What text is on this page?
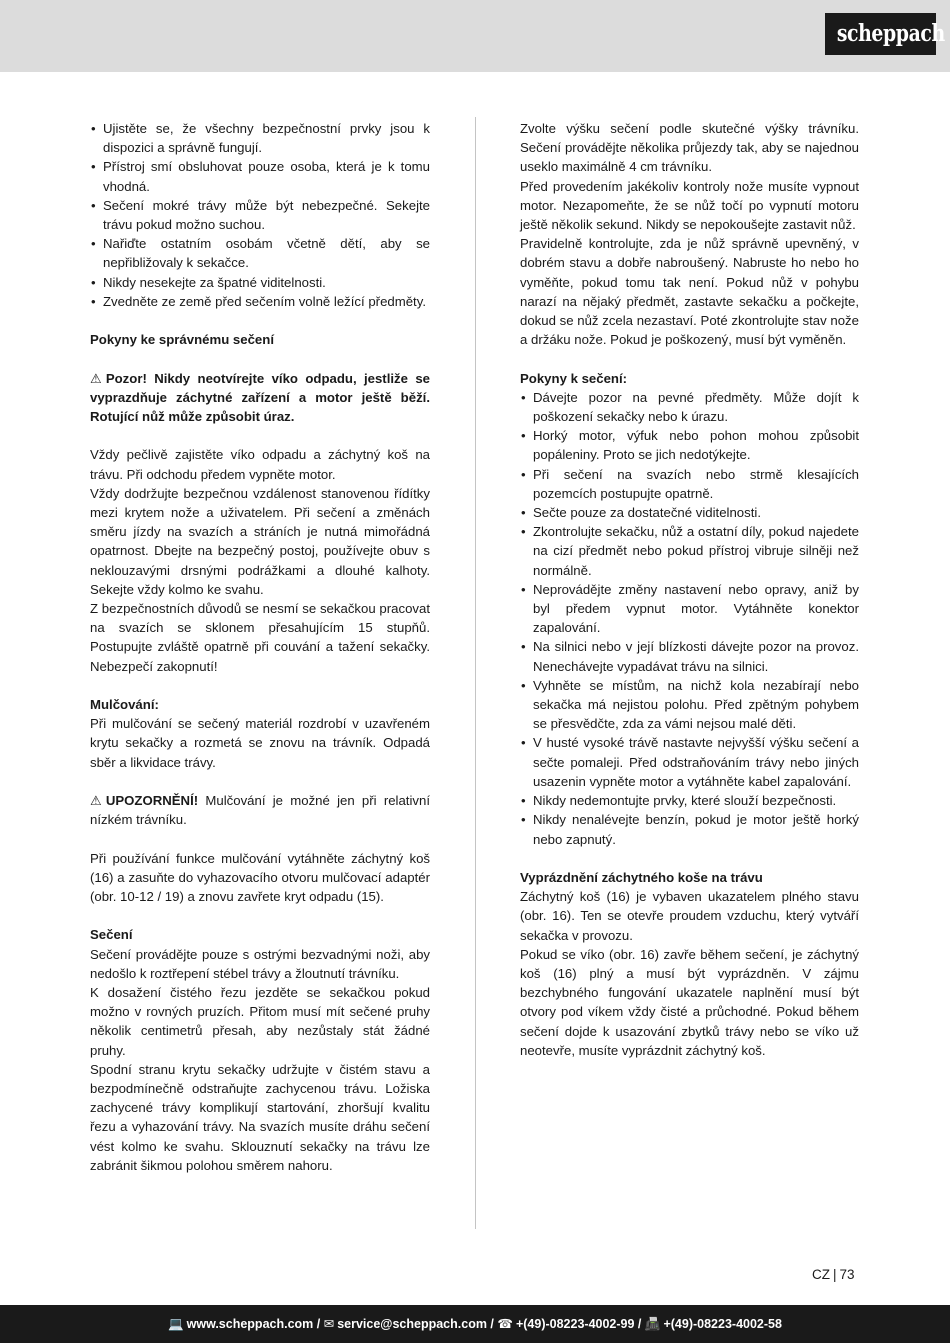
scheppach
• Ujistěte se, že všechny bezpečnostní prvky jsou k dispozici a správně fungují.
• Přístroj smí obsluhovat pouze osoba, která je k tomu vhodná.
• Sečení mokré trávy může být nebezpečné. Sekejte trávu pokud možno suchou.
• Nařiďte ostatním osobám včetně dětí, aby se nepřibližovaly k sekačce.
• Nikdy nesekejte za špatné viditelnosti.
• Zvedněte ze země před sečením volně ležící předměty.

Pokyny ke správnému sečení

⚠ Pozor! Nikdy neotvírejte víko odpadu, jestliže se vyprazdňuje záchytné zařízení a motor ještě běží. Rotující nůž může způsobit úraz.

Vždy pečlivě zajistěte víko odpadu a záchytný koš na trávu. Při odchodu předem vypněte motor.

Vždy dodržujte bezpečnou vzdálenost stanovenou řídítky mezi krytem nože a uživatelem. Při sečení a změnách směru jízdy na svazích a stráních je nutná mimořádná opatrnost. Dbejte na bezpečný postoj, používejte obuv s neklouzavými drsnými podrážkami a dlouhé kalhoty. Sekejte vždy kolmo ke svahu.

Z bezpečnostních důvodů se nesmí se sekačkou pracovat na svazích se sklonem přesahujícím 15 stupňů. Postupujte zvláště opatrně při couvání a tažení sekačky. Nebezpečí zakopnutí!

Mulčování:

Při mulčování se sečený materiál rozdrobí v uzavřeném krytu sekačky a rozmetá se znovu na trávník. Odpadá sběr a likvidace trávy.

⚠ UPOZORNĚNÍ! Mulčování je možné jen při relativní nízkém trávníku.

Při používání funkce mulčování vytáhněte záchytný koš (16) a zasuňte do vyhazovacího otvoru mulčovací adaptér (obr. 10-12 / 19) a znovu zavřete kryt odpadu (15).

Sečení

Sečení provádějte pouze s ostrými bezvadnými noži, aby nedošlo k roztřepení stébel trávy a žloutnutí trávníku.

K dosažení čistého řezu jezděte se sekačkou pokud možno v rovných pruzích. Přitom musí mít sečené pruhy několik centimetrů přesah, aby nezůstaly stát žádné pruhy.

Spodní stranu krytu sekačky udržujte v čistém stavu a bezpodmínečně odstraňujte zachycenou trávu. Ložiska zachycené trávy komplikují startování, zhoršují kvalitu řezu a vyhazování trávy. Na svazích musíte dráhu sečení vést kolmo ke svahu. Sklouznutí sekačky na trávu lze zabránit šikmou polohou směrem nahoru.

Zvolte výšku sečení podle skutečné výšky trávníku. Sečení provádějte několika průjezdy tak, aby se najednou useklo maximálně 4 cm trávníku.

Před provedením jakékoliv kontroly nože musíte vypnout motor. Nezapomeňte, že se nůž točí po vypnutí motoru ještě několik sekund. Nikdy se nepokoušejte zastavit nůž.

Pravidelně kontrolujte, zda je nůž správně upevněný, v dobrém stavu a dobře nabroušený. Nabruste ho nebo ho vyměňte, pokud tomu tak není. Pokud nůž v pohybu narazí na nějaký předmět, zastavte sekačku a počkejte, dokud se nůž zcela nezastaví. Poté zkontrolujte stav nože a držáku nože. Pokud je poškozený, musí být vyměněn.

Pokyny k sečení:

• Dávejte pozor na pevné předměty. Může dojít k poškození sekačky nebo k úrazu.
• Horký motor, výfuk nebo pohon mohou způsobit popáleniny. Proto se jich nedotýkejte.
• Při sečení na svazích nebo strmě klesajících pozemcích postupujte opatrně.
• Sečte pouze za dostatečné viditelnosti.
• Zkontrolujte sekačku, nůž a ostatní díly, pokud najedete na cizí předmět nebo pokud přístroj vibruje silněji než normálně.
• Neprovádějte změny nastavení nebo opravy, aniž by byl předem vypnut motor. Vytáhněte konektor zapalování.
• Na silnici nebo v její blízkosti dávejte pozor na provoz. Nenechávejte vypadávat trávu na silnici.
• Vyhněte se místům, na nichž kola nezabírají nebo sekačka má nejistou polohu. Před zpětným pohybem se přesvědčte, zda za vámi nejsou malé děti.
• V husté vysoké trávě nastavte nejvyšší výšku sečení a sečte pomaleji. Před odstraňováním trávy nebo jiných usazenin vypněte motor a vytáhněte kabel zapalování.
• Nikdy nedemontujte prvky, které slouží bezpečnosti.
• Nikdy nenalévejte benzín, pokud je motor ještě horký nebo zapnutý.

Vyprázdnění záchytného koše na trávu

Záchytný koš (16) je vybaven ukazatelem plného stavu (obr. 16). Ten se otevře proudem vzduchu, který vytváří sekačka v provozu.

Pokud se víko (obr. 16) zavře během sečení, je záchytný koš (16) plný a musí být vyprázdněn. V zájmu bezchybného fungování ukazatele naplnění musí být otvory pod víkem vždy čisté a průchodné. Pokud během sečení dojde k usazování zbytků trávy nebo se víko už neotevře, musíte vyprázdnit záchytný koš.

CZ | 73
💻 www.scheppach.com / ✉ service@scheppach.com / ☎ +(49)-08223-4002-99 / 📠 +(49)-08223-4002-58
